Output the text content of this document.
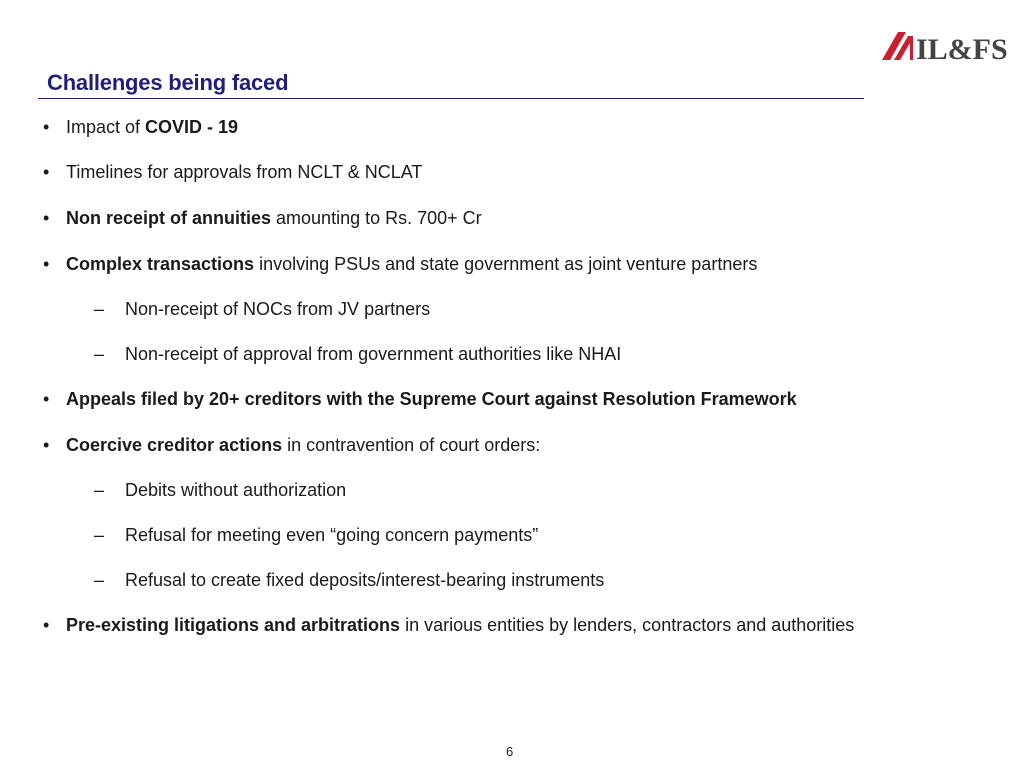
Challenges being faced
IL&FS
• Impact of COVID - 19
• Timelines for approvals from NCLT & NCLAT
• Non receipt of annuities amounting to Rs. 700+ Cr
• Complex transactions involving PSUs and state government as joint venture partners
– Non-receipt of NOCs from JV partners
– Non-receipt of approval from government authorities like NHAI
• Appeals filed by 20+ creditors with the Supreme Court against Resolution Framework
• Coercive creditor actions in contravention of court orders:
– Debits without authorization
– Refusal for meeting even “going concern payments”
– Refusal to create fixed deposits/interest-bearing instruments
• Pre-existing litigations and arbitrations in various entities by lenders, contractors and authorities
6
